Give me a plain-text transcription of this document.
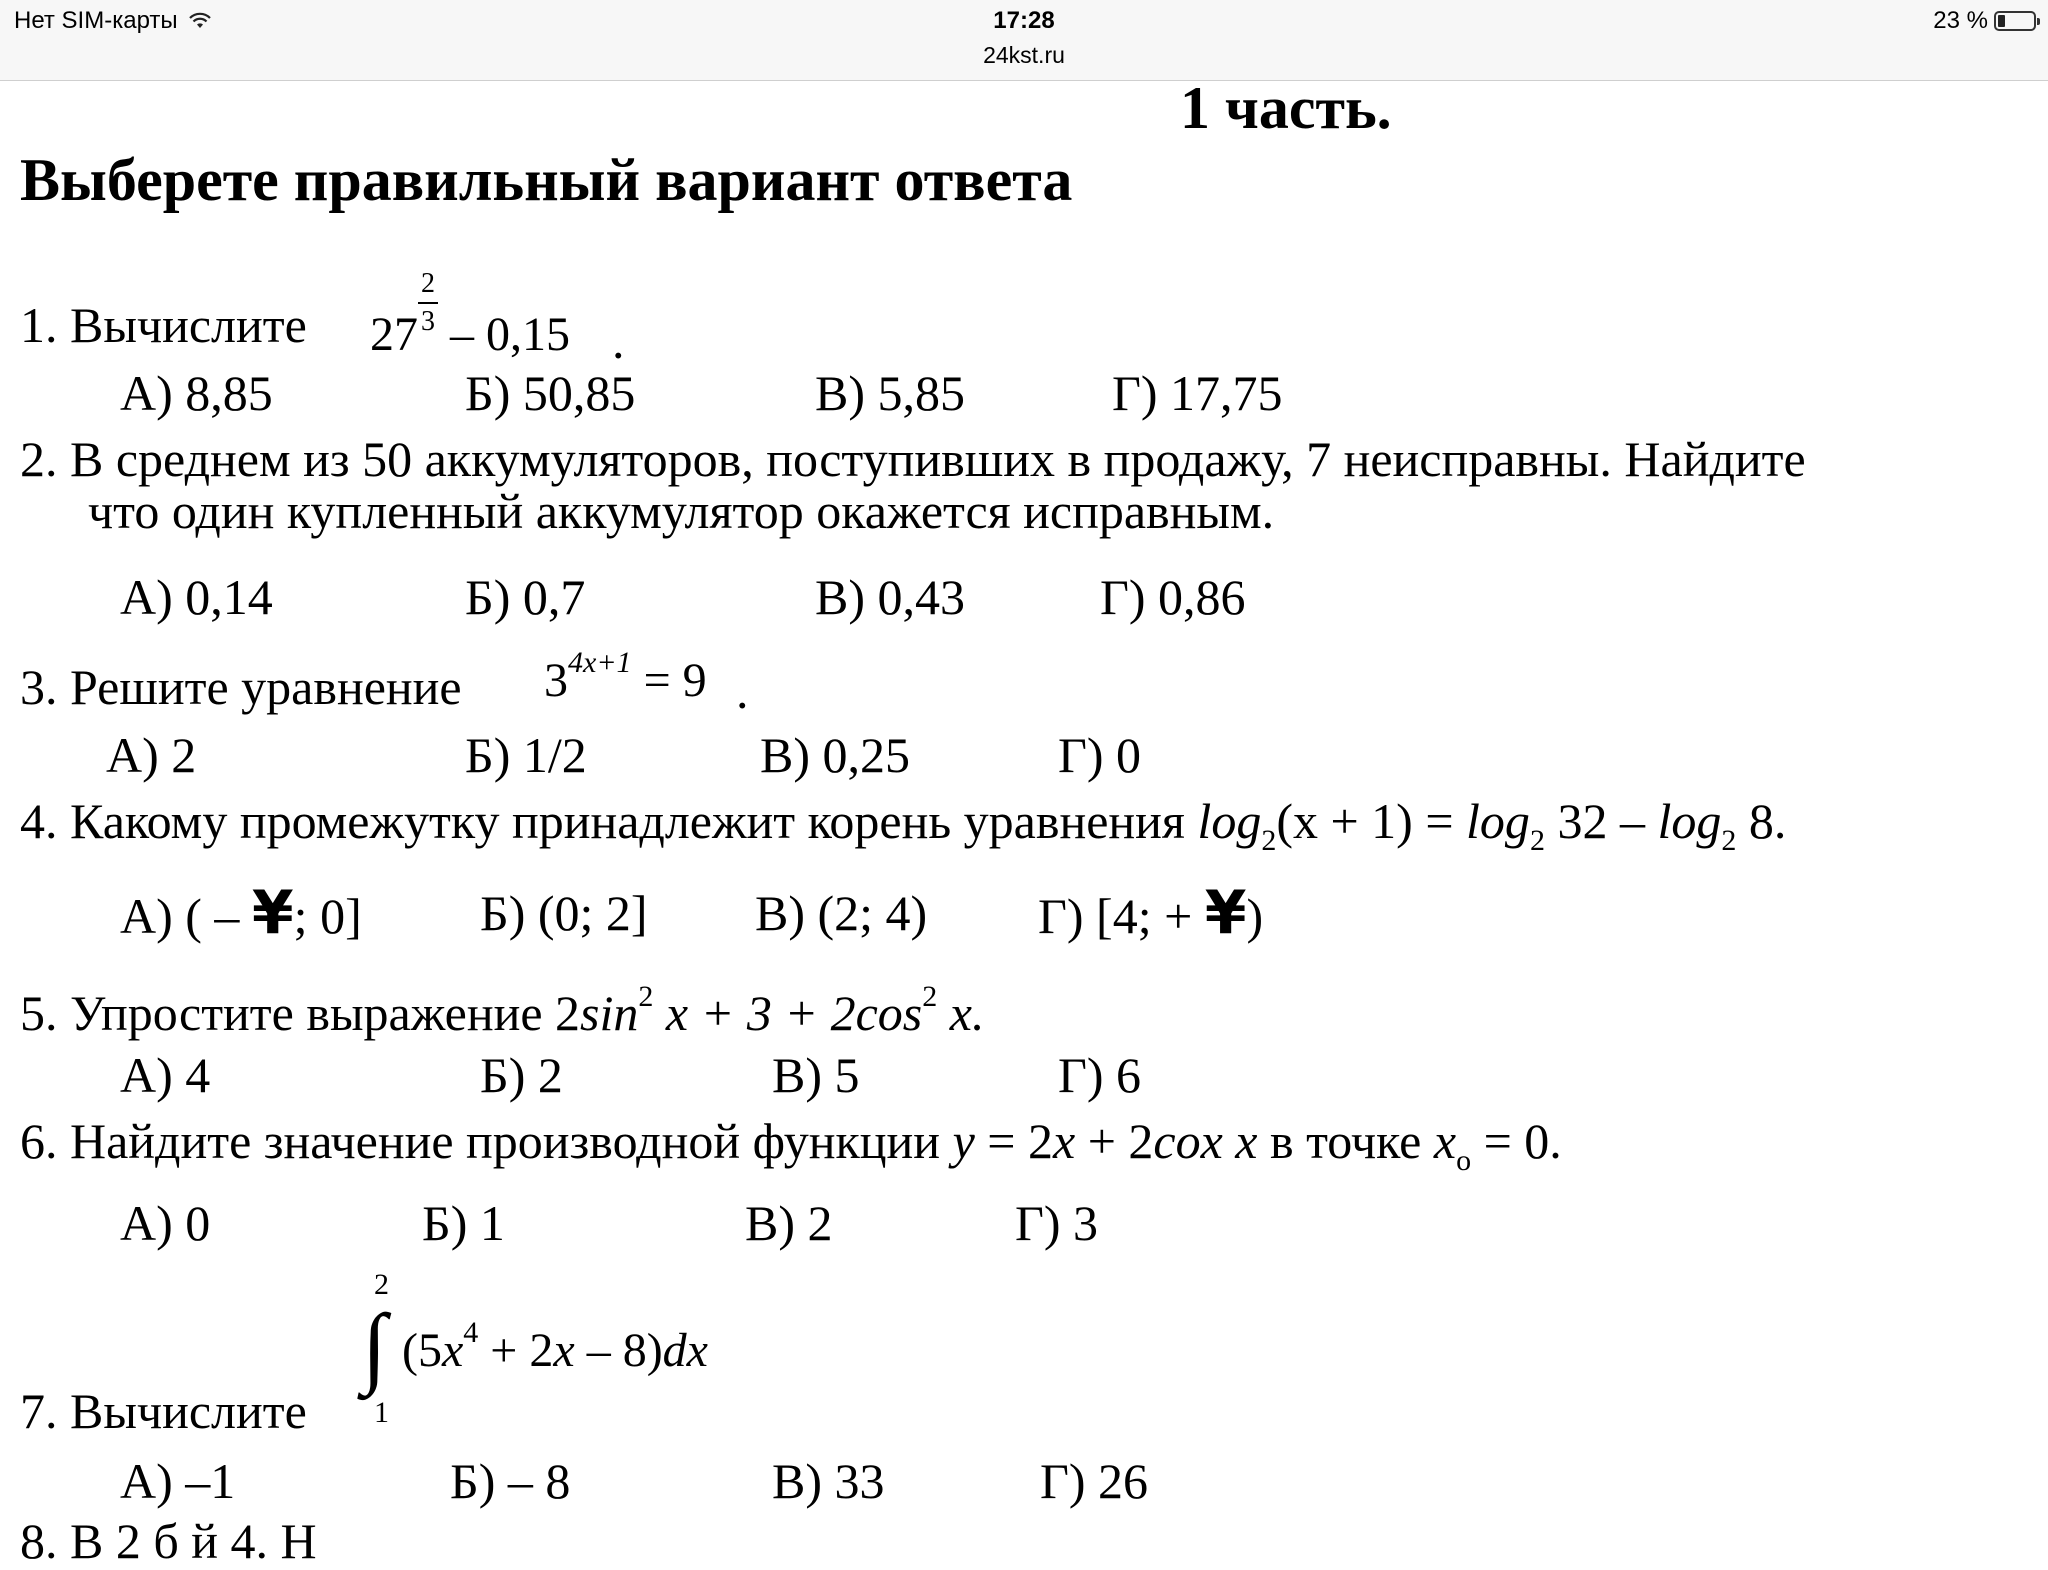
Нет SIM-карты	17:28
24kst.ru
23 %
1 часть.
Выберете правильный вариант ответа
1. Вычислите $27 \frac{2}{3} - 0,15$ .
А) 8,85	Б) 50,85	В) 5,85	Г) 17,75
2. В среднем из 50 аккумуляторов, поступивших в продажу, 7 неисправны. Найдите
что один купленный аккумулятор окажется исправным.
А) 0,14	Б) 0,7	В) 0,43	Г) 0,86
3. Решите уравнение $3^{4x+1} = 9$ .
А) 2	Б) 1/2	В) 0,25	Г) 0
4. Какому промежутку принадлежит корень уравнения $\log_2(x + 1) = \log_2 32 - \log_2 8$.
А) ( – ¥; 0] Б) (0; 2] В) (2; 4) Г) [4; + ¥)
5. Упростите выражение $2\sin^2$ $x + 3 + 2\cos^2$ x.
А) 4	Б) 2	В) 5	Г) 6
6. Найдите значение производной функции y = 2x + 2cox x в точке $x_o = 0$.
А) 0	Б) 1	В) 2	Г) 3
2
∫ $(5x^4 + 2x - 8)dx$
1
7. Вычислите
А) –1	Б) – 8	В) 33	Г) 26
8. В 2 б й 4. Н
